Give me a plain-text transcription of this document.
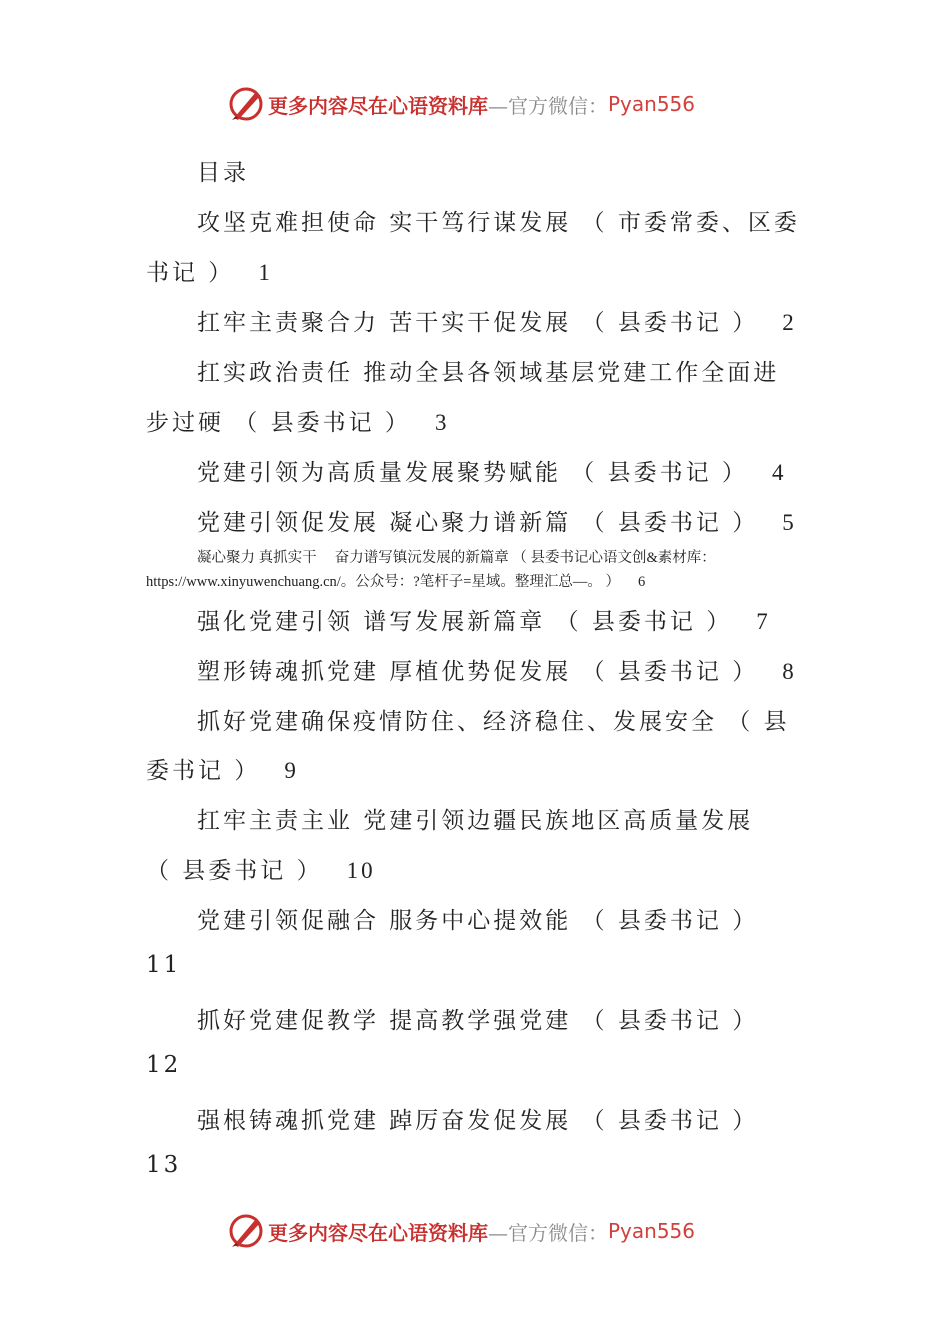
更多内容尽在心语资料库 —官方微信： Pyan556
目录
攻坚克难担使命 实干笃行谋发展 （ 市委常委、区委
书记 ） 1
扛牢主责聚合力 苦干实干促发展 （ 县委书记 ） 2
扛实政治责任 推动全县各领域基层党建工作全面进
步过硬 （ 县委书记 ） 3
党建引领为高质量发展聚势赋能 （ 县委书记 ） 4
党建引领促发展 凝心聚力谱新篇 （ 县委书记 ） 5
凝心聚力 真抓实干　 奋力谱写镇沅发展的新篇章 （ 县委书记心语文创&素材库：
https://www.xinyuwenchuang.cn/。公众号：?笔杆子=星域。整理汇总—。 ） 6
强化党建引领 谱写发展新篇章 （ 县委书记 ） 7
塑形铸魂抓党建 厚植优势促发展 （ 县委书记 ） 8
抓好党建确保疫情防住、经济稳住、发展安全 （ 县
委书记 ） 9
扛牢主责主业 党建引领边疆民族地区高质量发展
（ 县委书记 ） 10
党建引领促融合 服务中心提效能 （ 县委书记 ）
11
抓好党建促教学 提高教学强党建 （ 县委书记 ）
12
强根铸魂抓党建 踔厉奋发促发展 （ 县委书记 ）
13
更多内容尽在心语资料库 —官方微信： Pyan556
